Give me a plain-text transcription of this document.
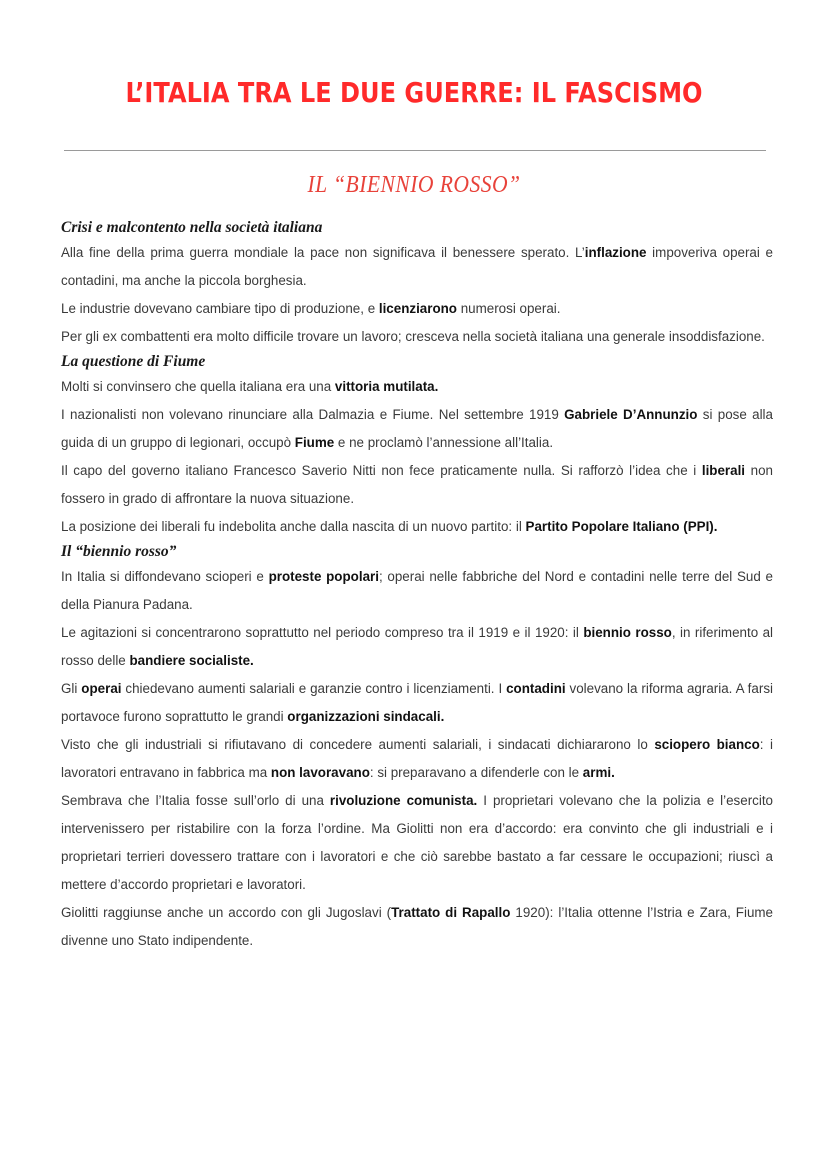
L’ITALIA TRA LE DUE GUERRE: IL FASCISMO
IL “BIENNIO ROSSO”
Crisi e malcontento nella società italiana

Alla fine della prima guerra mondiale la pace non significava il benessere sperato. L’inflazione impoveriva operai e contadini, ma anche la piccola borghesia.

Le industrie dovevano cambiare tipo di produzione, e licenziarono numerosi operai.

Per gli ex combattenti era molto difficile trovare un lavoro; cresceva nella società italiana una generale insoddisfazione.

La questione di Fiume

Molti si convinsero che quella italiana era una vittoria mutilata.

I nazionalisti non volevano rinunciare alla Dalmazia e Fiume. Nel settembre 1919 Gabriele D’Annunzio si pose alla guida di un gruppo di legionari, occupò Fiume e ne proclamò l’annessione all’Italia.

Il capo del governo italiano Francesco Saverio Nitti non fece praticamente nulla. Si rafforzò l’idea che i liberali non fossero in grado di affrontare la nuova situazione.

La posizione dei liberali fu indebolita anche dalla nascita di un nuovo partito: il Partito Popolare Italiano (PPI).

Il “biennio rosso”

In Italia si diffondevano scioperi e proteste popolari; operai nelle fabbriche del Nord e contadini nelle terre del Sud e della Pianura Padana.

Le agitazioni si concentrarono soprattutto nel periodo compreso tra il 1919 e il 1920: il biennio rosso, in riferimento al rosso delle bandiere socialiste.

Gli operai chiedevano aumenti salariali e garanzie contro i licenziamenti. I contadini volevano la riforma agraria. A farsi portavoce furono soprattutto le grandi organizzazioni sindacali.

Visto che gli industriali si rifiutavano di concedere aumenti salariali, i sindacati dichiararono lo sciopero bianco: i lavoratori entravano in fabbrica ma non lavoravano: si preparavano a difenderle con le armi.

Sembrava che l’Italia fosse sull’orlo di una rivoluzione comunista. I proprietari volevano che la polizia e l’esercito intervenissero per ristabilire con la forza l’ordine. Ma Giolitti non era d’accordo: era convinto che gli industriali e i proprietari terrieri dovessero trattare con i lavoratori e che ciò sarebbe bastato a far cessare le occupazioni; riuscì a mettere d’accordo proprietari e lavoratori.

Giolitti raggiunse anche un accordo con gli Jugoslavi (Trattato di Rapallo 1920): l’Italia ottenne l’Istria e Zara, Fiume divenne uno Stato indipendente.
